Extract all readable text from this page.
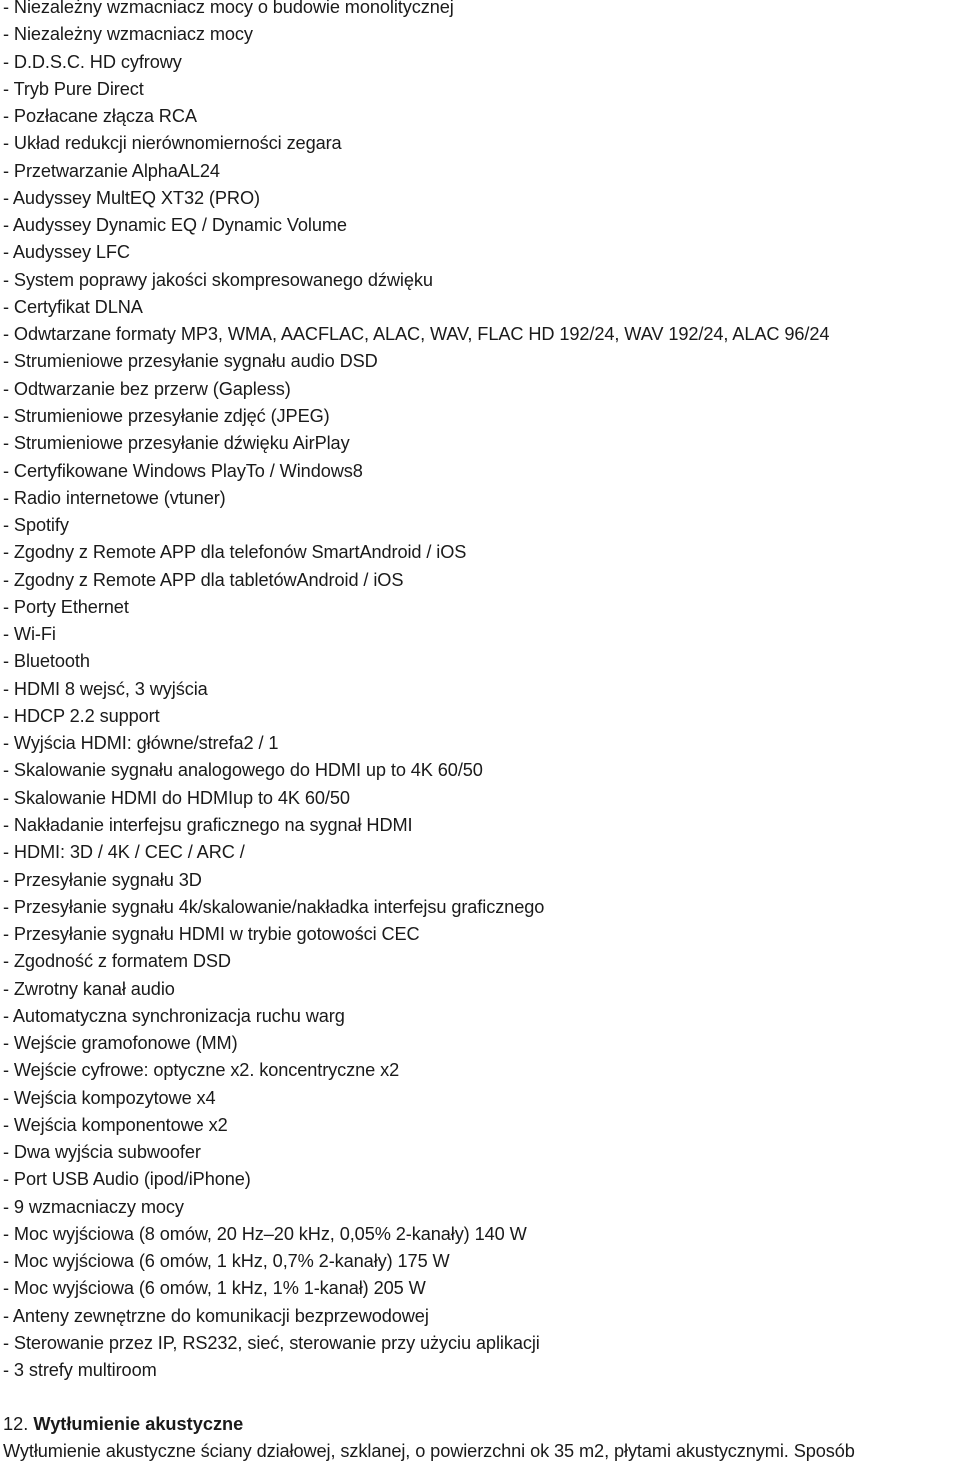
- Niezależny wzmacniacz mocy o budowie monolitycznej
- Niezależny wzmacniacz mocy
- D.D.S.C. HD cyfrowy
- Tryb Pure Direct
- Pozłacane złącza RCA
- Układ redukcji nierównomierności zegara
- Przetwarzanie AlphaAL24
- Audyssey MultEQ XT32 (PRO)
- Audyssey Dynamic EQ / Dynamic Volume
- Audyssey LFC
- System poprawy jakości skompresowanego dźwięku
- Certyfikat DLNA
- Odwtarzane formaty MP3, WMA, AACFLAC, ALAC, WAV, FLAC HD 192/24, WAV 192/24, ALAC 96/24
- Strumieniowe przesyłanie sygnału audio DSD
- Odtwarzanie bez przerw (Gapless)
- Strumieniowe przesyłanie zdjęć (JPEG)
- Strumieniowe przesyłanie dźwięku AirPlay
- Certyfikowane Windows PlayTo / Windows8
- Radio internetowe (vtuner)
- Spotify
- Zgodny z Remote APP dla telefonów SmartAndroid / iOS
- Zgodny z Remote APP dla tabletówAndroid / iOS
- Porty Ethernet
- Wi-Fi
- Bluetooth
- HDMI 8 wejsć, 3 wyjścia
- HDCP 2.2 support
- Wyjścia HDMI: główne/strefa2 / 1
- Skalowanie sygnału analogowego do HDMI up to 4K 60/50
- Skalowanie HDMI do HDMIup to 4K 60/50
- Nakładanie interfejsu graficznego na sygnał HDMI
- HDMI: 3D / 4K / CEC / ARC /
- Przesyłanie sygnału 3D
- Przesyłanie sygnału 4k/skalowanie/nakładka interfejsu graficznego
- Przesyłanie sygnału HDMI w trybie gotowości CEC
- Zgodność z formatem DSD
- Zwrotny kanał audio
- Automatyczna synchronizacja ruchu warg
- Wejście gramofonowe (MM)
- Wejście cyfrowe: optyczne x2. koncentryczne x2
- Wejścia kompozytowe x4
- Wejścia komponentowe x2
- Dwa wyjścia subwoofer
- Port USB Audio (ipod/iPhone)
- 9 wzmacniaczy mocy
- Moc wyjściowa (8 omów, 20 Hz–20 kHz, 0,05% 2-kanały) 140 W
- Moc wyjściowa (6 omów, 1 kHz, 0,7% 2-kanały) 175 W
- Moc wyjściowa (6 omów, 1 kHz, 1% 1-kanał) 205 W
- Anteny zewnętrzne do komunikacji bezprzewodowej
- Sterowanie przez IP, RS232, sieć, sterowanie przy użyciu aplikacji
- 3 strefy multiroom
12. Wytłumienie akustyczne
Wytłumienie akustyczne ściany działowej, szklanej, o powierzchni ok 35 m2, płytami akustycznymi. Sposób
